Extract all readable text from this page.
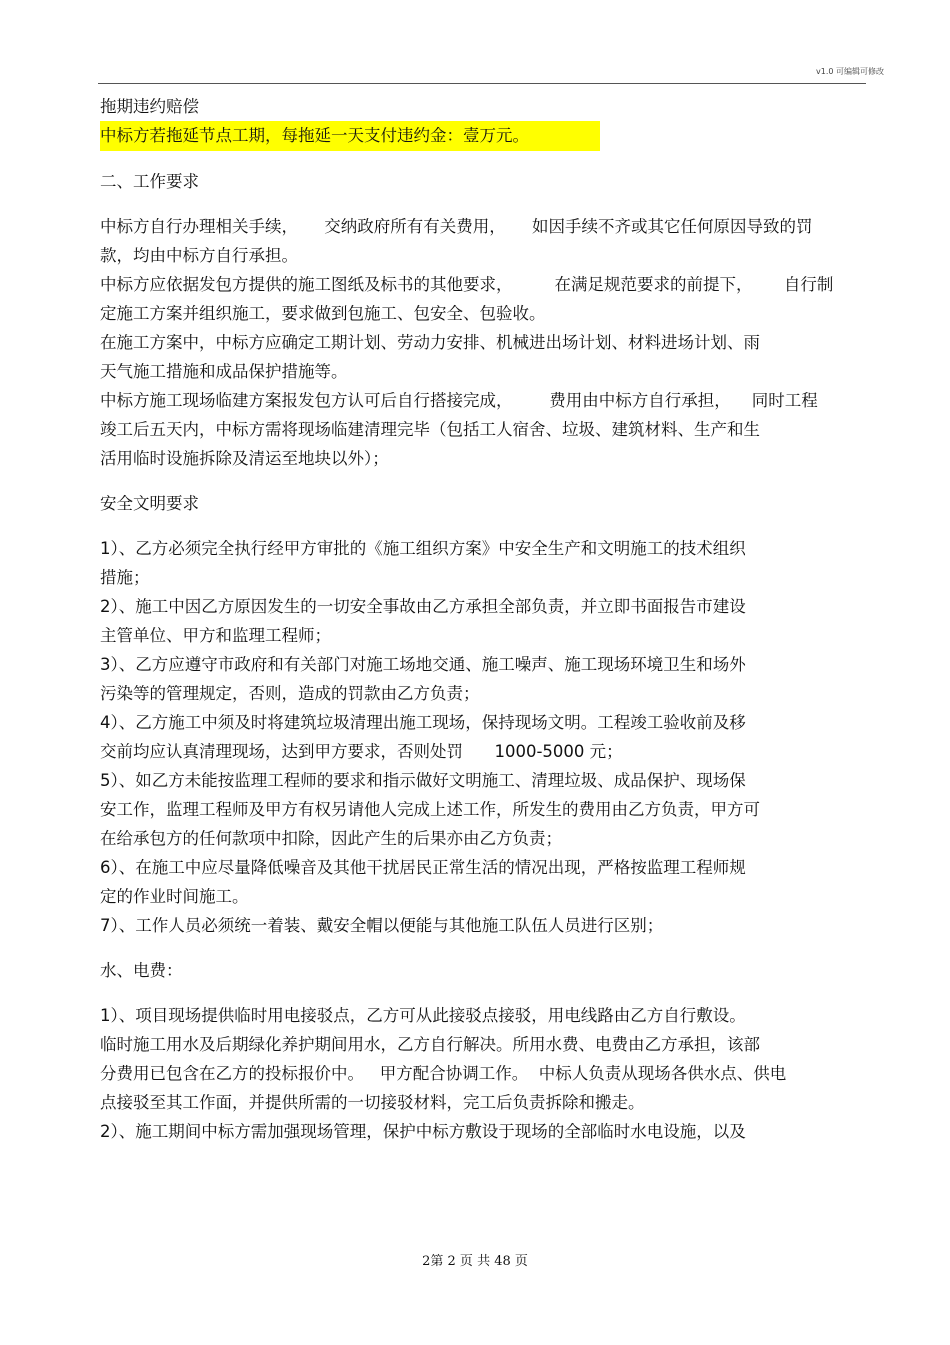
v1.0 可编辑可修改
拖期违约赔偿
中标方若拖延节点工期，每拖延一天支付违约金：壹万元。
二、工作要求
中标方自行办理相关手续，     交纳政府所有有关费用，     如因手续不齐或其它任何原因导致的罚
款，均由中标方自行承担。
中标方应依据发包方提供的施工图纸及标书的其他要求，        在满足规范要求的前提下，      自行制
定施工方案并组织施工，要求做到包施工、包安全、包验收。
在施工方案中，中标方应确定工期计划、劳动力安排、机械进出场计划、材料进场计划、雨
天气施工措施和成品保护措施等。
中标方施工现场临建方案报发包方认可后自行搭接完成，       费用由中标方自行承担，    同时工程
竣工后五天内，中标方需将现场临建清理完毕（包括工人宿舍、垃圾、建筑材料、生产和生
活用临时设施拆除及清运至地块以外）；
安全文明要求
1）、乙方必须完全执行经甲方审批的《施工组织方案》中安全生产和文明施工的技术组织
措施；
2）、施工中因乙方原因发生的一切安全事故由乙方承担全部负责，并立即书面报告市建设
主管单位、甲方和监理工程师；
3）、乙方应遵守市政府和有关部门对施工场地交通、施工噪声、施工现场环境卫生和场外
污染等的管理规定，否则，造成的罚款由乙方负责；
4）、乙方施工中须及时将建筑垃圾清理出施工现场，保持现场文明。工程竣工验收前及移
交前均应认真清理现场，达到甲方要求，否则处罚      1000-5000 元；
5）、如乙方未能按监理工程师的要求和指示做好文明施工、清理垃圾、成品保护、现场保
安工作，监理工程师及甲方有权另请他人完成上述工作，所发生的费用由乙方负责，甲方可
在给承包方的任何款项中扣除，因此产生的后果亦由乙方负责；
6）、在施工中应尽量降低噪音及其他干扰居民正常生活的情况出现，严格按监理工程师规
定的作业时间施工。
7）、工作人员必须统一着装、戴安全帽以便能与其他施工队伍人员进行区别；
水、电费：
1）、项目现场提供临时用电接驳点，乙方可从此接驳点接驳，用电线路由乙方自行敷设。
临时施工用水及后期绿化养护期间用水，乙方自行解决。所用水费、电费由乙方承担，该部
分费用已包含在乙方的投标报价中。   甲方配合协调工作。  中标人负责从现场各供水点、供电
点接驳至其工作面，并提供所需的一切接驳材料，完工后负责拆除和搬走。
2）、施工期间中标方需加强现场管理，保护中标方敷设于现场的全部临时水电设施，以及
2第 2 页 共 48 页
